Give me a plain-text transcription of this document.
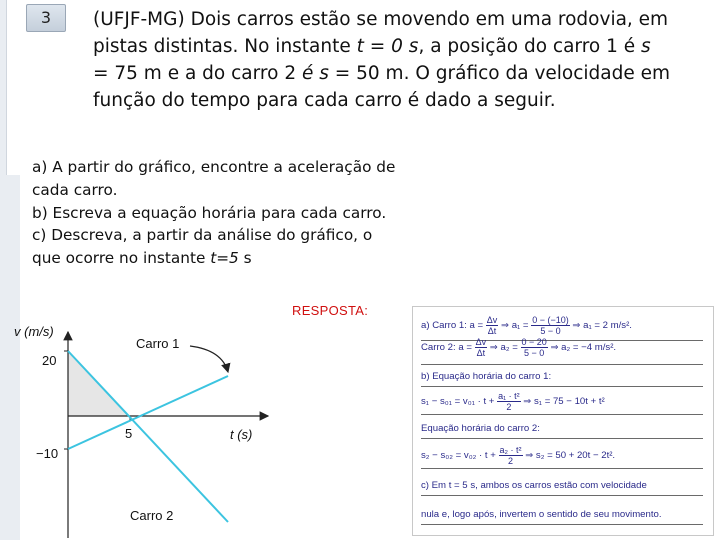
3	(UFJF-MG) Dois carros estão se movendo em uma rodovia, em pistas distintas. No instante t = 0 s, a posição do carro 1 é s
= 75 m e a do carro 2 é s = 50 m. O gráfico da velocidade em função do tempo para cada carro é dado a seguir.
a) A partir do gráfico, encontre a aceleração de cada carro.
b) Escreva a equação horária para cada carro.
c) Descreva, a partir da análise do gráfico, o que ocorre no instante t=5 s
RESPOSTA:
v (m/s)
t (s)
20
−10
5
Carro 1
Carro 2
a) Carro 1: $a = \frac{\Delta v}{\Delta t}$ ⇒ $a_1 = \frac{0 - (-10)}{5 - 0}$ ⇒ a₁ = 2 m/s².
Carro 2: $a = \frac{\Delta v}{\Delta t}$ ⇒ $a_2 = \frac{0 - 20}{5 - 0}$ ⇒ a₂ = −4 m/s².
b) Equação horária do carro 1:
$s_1 - s_{01} = v_{01} \cdot t + \frac{\text{a₁ · t²}}{2}$ ⇒ s₁ = 75 − 10t + t²
Equação horária do carro 2:
$s_2 - s_{02} = v_{02} \cdot t + \frac{\text{a₂ · t²}}{2}$ ⇒ s₂ = 50 + 20t − 2t².
c) Em t = 5 s, ambos os carros estão com velocidade
nula e, logo após, invertem o sentido de seu movimento.
